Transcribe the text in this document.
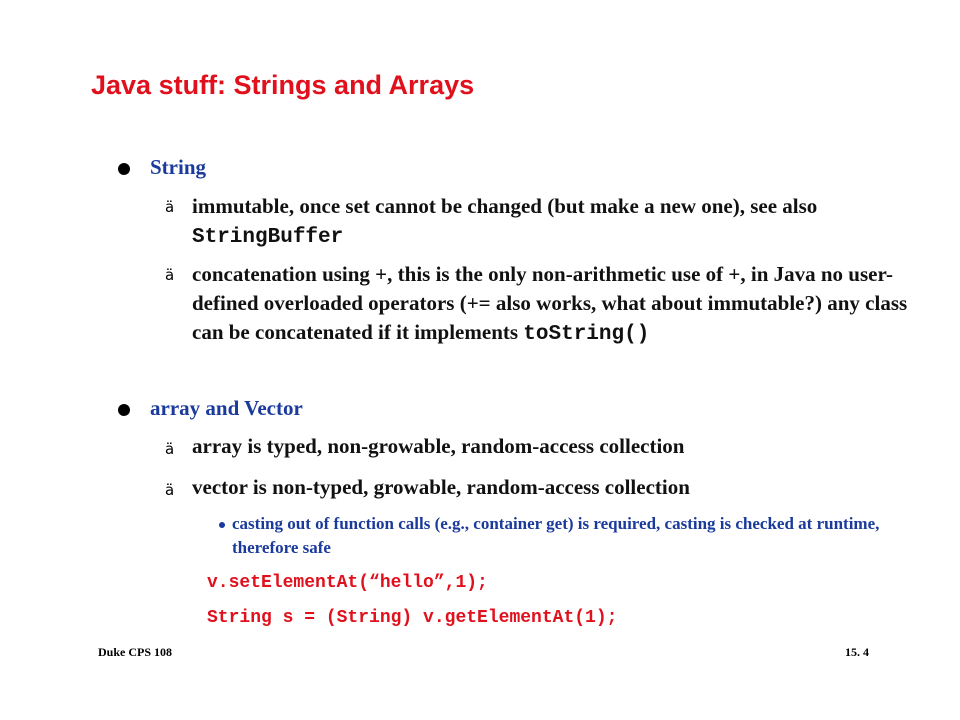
Java stuff: Strings and Arrays
String
ä immutable, once set cannot be changed (but make a new one), see also StringBuffer
ä concatenation using +, this is the only non-arithmetic use of +, in Java no user-defined overloaded operators (+= also works, what about immutable?) any class can be concatenated if it implements toString()
array and Vector
ä array is typed, non-growable, random-access collection
ä vector is non-typed, growable, random-access collection
casting out of function calls (e.g., container get) is required, casting is checked at runtime, therefore safe
v.setElementAt(“hello”,1);
String s = (String) v.getElementAt(1);
Duke CPS 108	15. 4
